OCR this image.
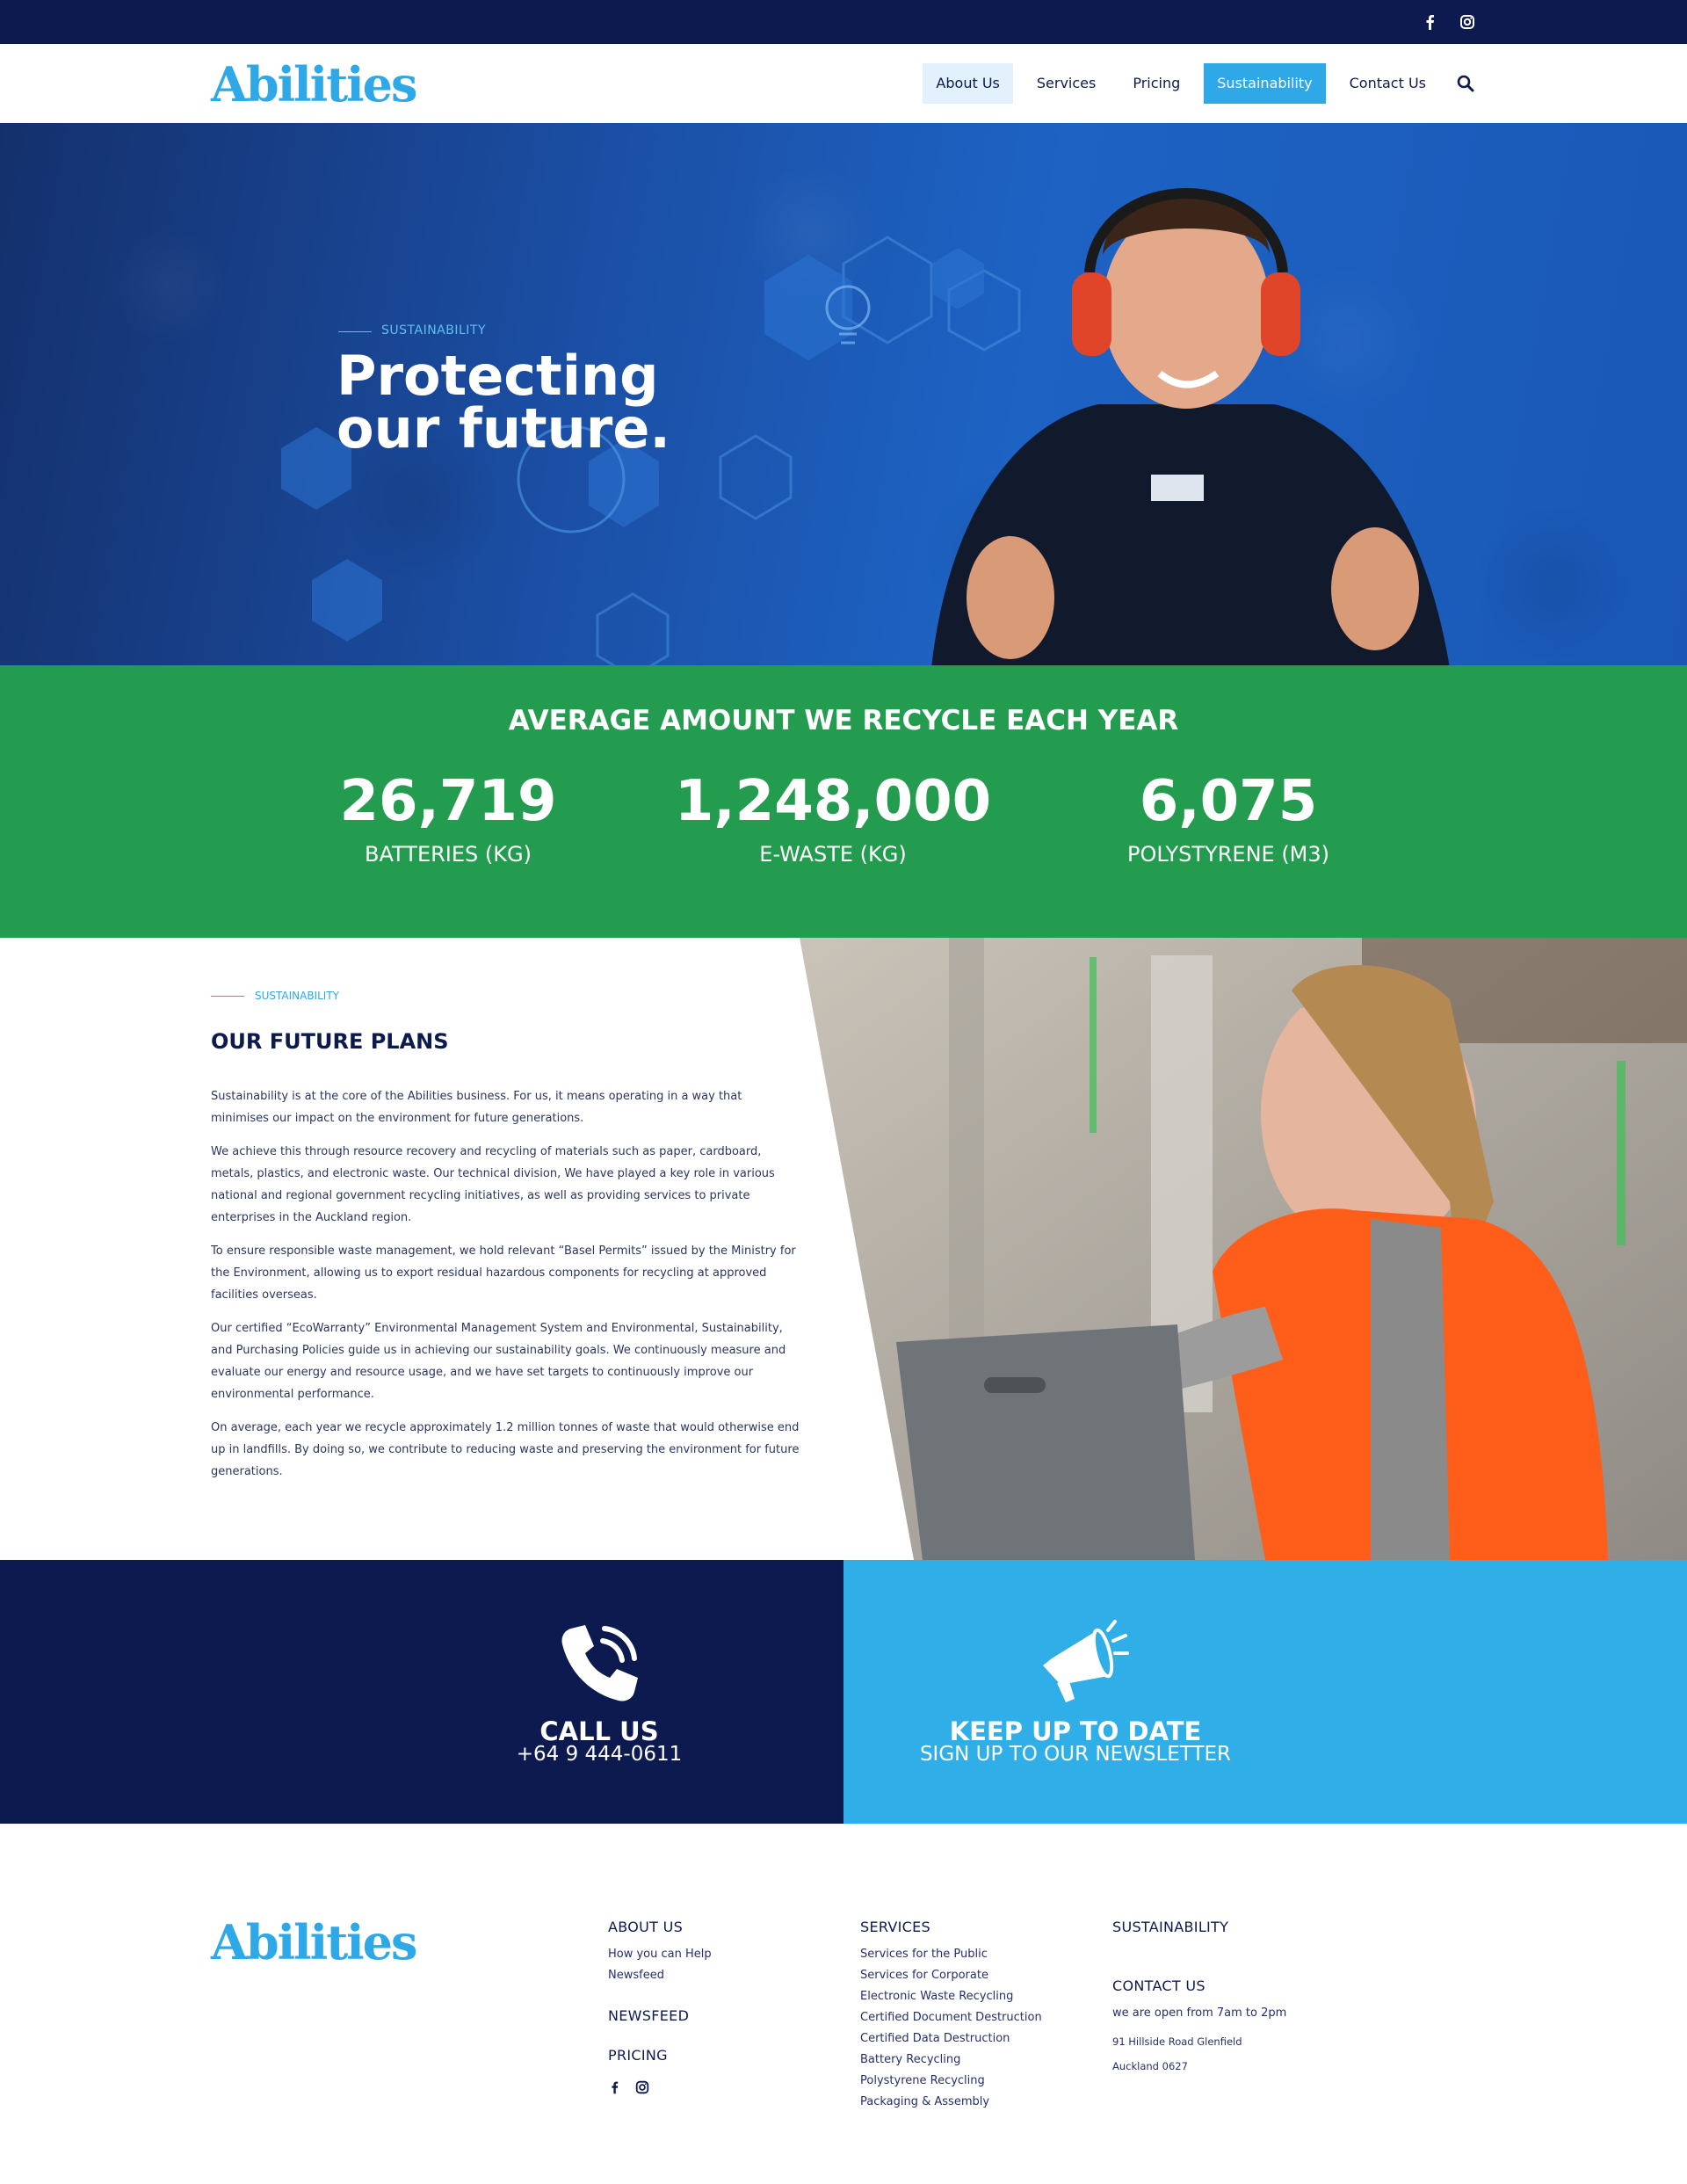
Abilities	About Us	Services	Pricing	Sustainability	Contact Us
SUSTAINABILITY
Protecting our future.
AVERAGE AMOUNT WE RECYCLE EACH YEAR
26,719
BATTERIES (KG)
1,248,000
E-WASTE (KG)
6,075
POLYSTYRENE (M3)
SUSTAINABILITY
OUR FUTURE PLANS

Sustainability is at the core of the Abilities business. For us, it means operating in a way that minimises our impact on the environment for future generations.

We achieve this through resource recovery and recycling of materials such as paper, cardboard, metals, plastics, and electronic waste. Our technical division, We have played a key role in various national and regional government recycling initiatives, as well as providing services to private enterprises in the Auckland region.

To ensure responsible waste management, we hold relevant “Basel Permits” issued by the Ministry for the Environment, allowing us to export residual hazardous components for recycling at approved facilities overseas.

Our certified “EcoWarranty” Environmental Management System and Environmental, Sustainability, and Purchasing Policies guide us in achieving our sustainability goals. We continuously measure and evaluate our energy and resource usage, and we have set targets to continuously improve our environmental performance.

On average, each year we recycle approximately 1.2 million tonnes of waste that would otherwise end up in landfills. By doing so, we contribute to reducing waste and preserving the environment for future generations.

CALL US
+64 9 444-0611
KEEP UP TO DATE
SIGN UP TO OUR NEWSLETTER
Abilities	ABOUT US
How you can Help
Newsfeed
NEWSFEED
PRICING
SERVICES
Services for the Public
Services for Corporate
Electronic Waste Recycling
Certified Document Destruction
Certified Data Destruction
Battery Recycling
Polystyrene Recycling
Packaging & Assembly
SUSTAINABILITY
CONTACT US
we are open from 7am to 2pm
91 Hillside Road Glenfield
Auckland 0627
